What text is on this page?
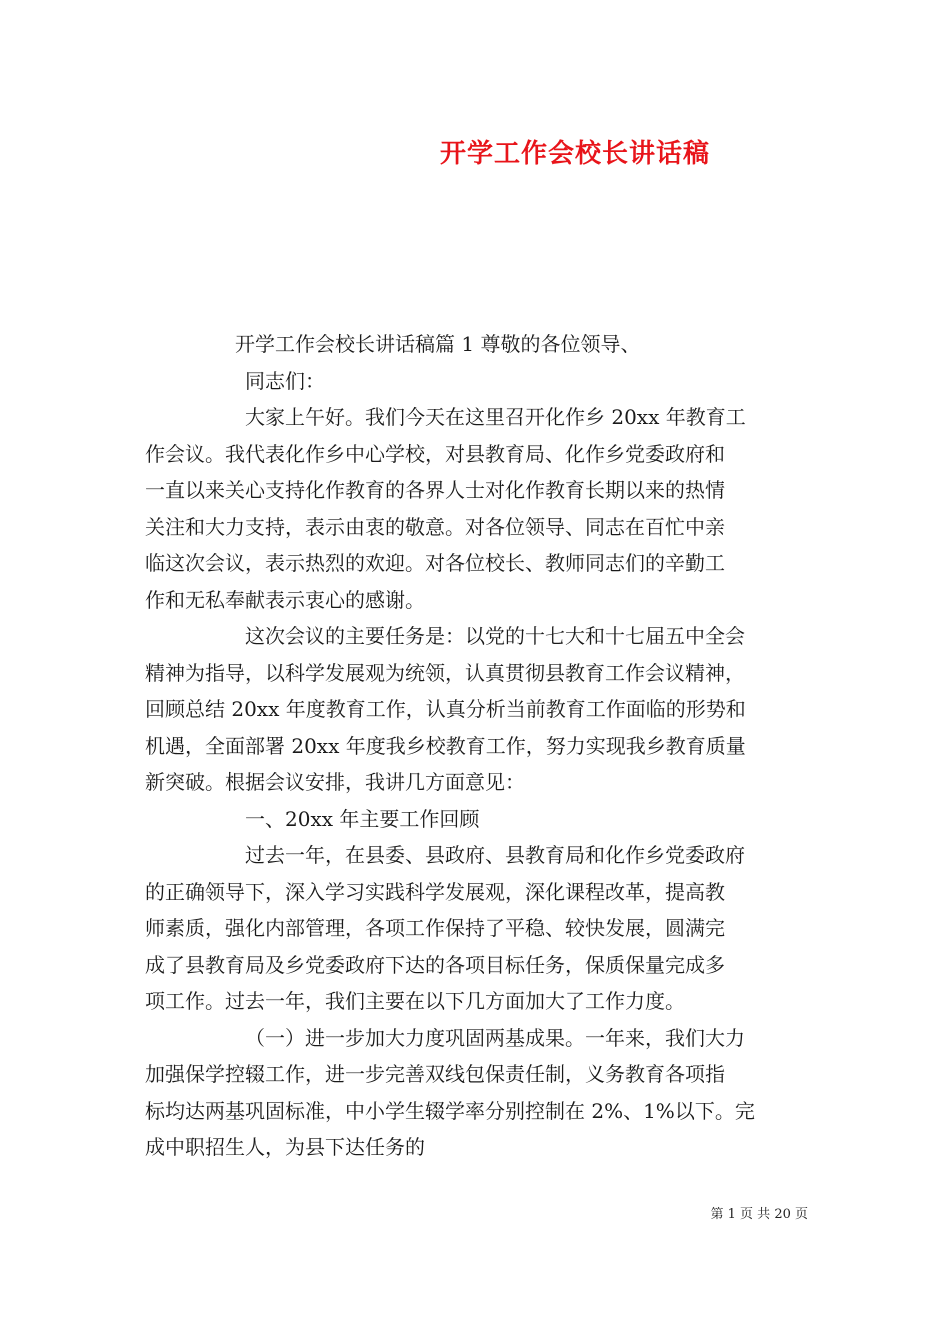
开学工作会校长讲话稿
开学工作会校长讲话稿篇 1 尊敬的各位领导、
同志们：
大家上午好。我们今天在这里召开化作乡 20xx 年教育工
作会议。我代表化作乡中心学校，对县教育局、化作乡党委政府和
一直以来关心支持化作教育的各界人士对化作教育长期以来的热情
关注和大力支持，表示由衷的敬意。对各位领导、同志在百忙中亲
临这次会议，表示热烈的欢迎。对各位校长、教师同志们的辛勤工
作和无私奉献表示衷心的感谢。
这次会议的主要任务是：以党的十七大和十七届五中全会
精神为指导，以科学发展观为统领，认真贯彻县教育工作会议精神，
回顾总结 20xx 年度教育工作，认真分析当前教育工作面临的形势和
机遇，全面部署 20xx 年度我乡校教育工作，努力实现我乡教育质量
新突破。根据会议安排，我讲几方面意见：
一、20xx 年主要工作回顾
过去一年，在县委、县政府、县教育局和化作乡党委政府
的正确领导下，深入学习实践科学发展观，深化课程改革，提高教
师素质，强化内部管理，各项工作保持了平稳、较快发展，圆满完
成了县教育局及乡党委政府下达的各项目标任务，保质保量完成多
项工作。过去一年，我们主要在以下几方面加大了工作力度。
（一）进一步加大力度巩固两基成果。一年来，我们大力
加强保学控辍工作，进一步完善双线包保责任制，义务教育各项指
标均达两基巩固标准，中小学生辍学率分别控制在 2%、1%以下。完
成中职招生人，为县下达任务的
第 1 页 共 20 页
